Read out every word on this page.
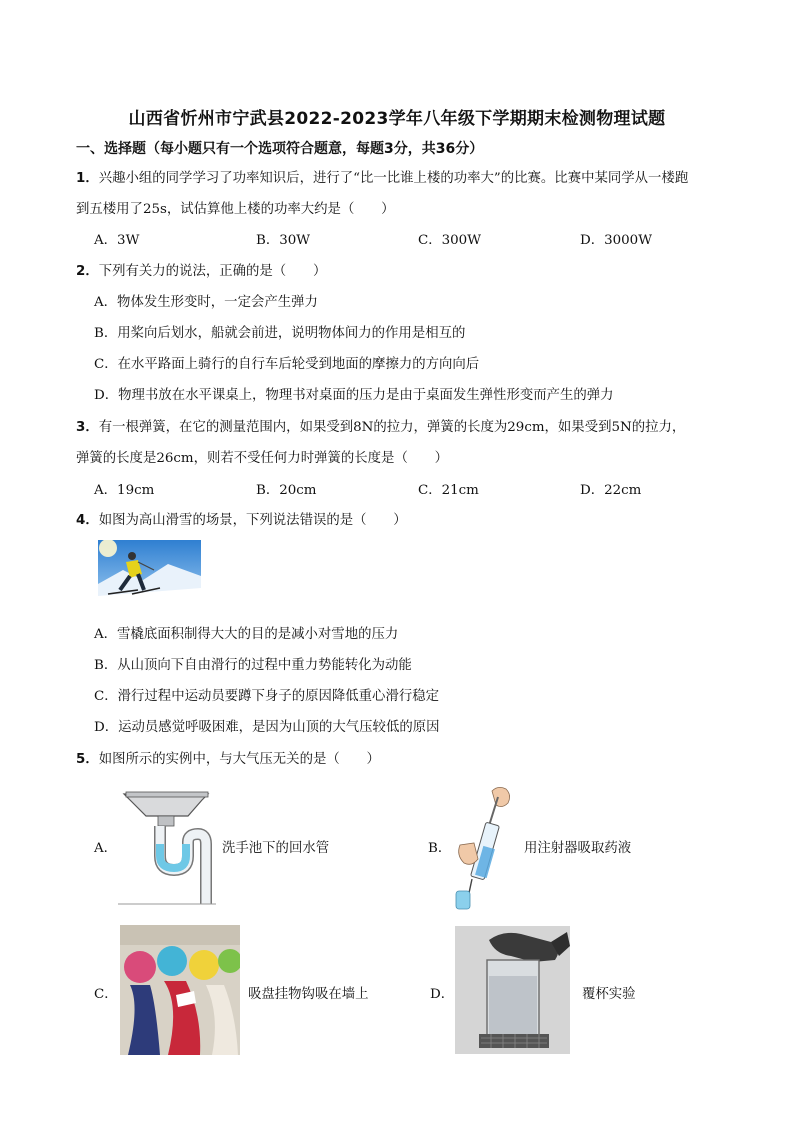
山西省忻州市宁武县2022-2023学年八年级下学期期末检测物理试题
一、选择题（每小题只有一个选项符合题意，每题3分，共36分）
1．兴趣小组的同学学习了功率知识后，进行了“比一比谁上楼的功率大”的比赛。比赛中某同学从一楼跑
到五楼用了25s，试估算他上楼的功率大约是（　　）
A．3W	B．30W	C．300W	D．3000W
2．下列有关力的说法，正确的是（　　）
A．物体发生形变时，一定会产生弹力
B．用桨向后划水，船就会前进，说明物体间力的作用是相互的
C．在水平路面上骑行的自行车后轮受到地面的摩擦力的方向向后
D．物理书放在水平课桌上，物理书对桌面的压力是由于桌面发生弹性形变而产生的弹力
3．有一根弹簧，在它的测量范围内，如果受到8N的拉力，弹簧的长度为29cm，如果受到5N的拉力，
弹簧的长度是26cm，则若不受任何力时弹簧的长度是（　　）
A．19cm	B．20cm	C．21cm	D．22cm
4．如图为高山滑雪的场景，下列说法错误的是（　　）
A．雪橇底面积制得大大的目的是减小对雪地的压力
B．从山顶向下自由滑行的过程中重力势能转化为动能
C．滑行过程中运动员要蹲下身子的原因降低重心滑行稳定
D．运动员感觉呼吸困难，是因为山顶的大气压较低的原因
5．如图所示的实例中，与大气压无关的是（　　）
A．	洗手池下的回水管	B．	用注射器吸取药液
C．	吸盘挂物钩吸在墙上	D．	覆杯实验
